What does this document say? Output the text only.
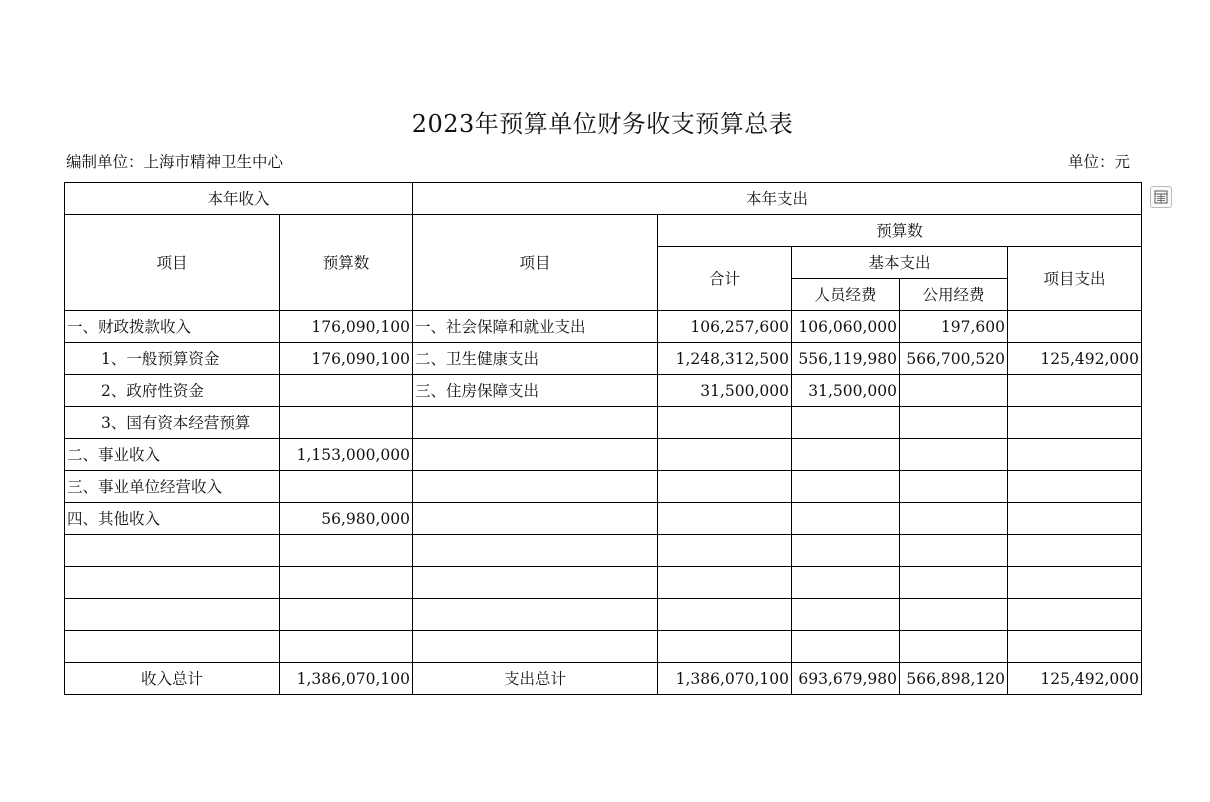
2023年预算单位财务收支预算总表
编制单位：上海市精神卫生中心	单位：元
本年收入		本年支出				
项目	预算数	项目	预算数			
			合计	基本支出		项目支出
				人员经费	公用经费	
一、财政拨款收入	176,090,100	一、社会保障和就业支出	106,257,600	106,060,000	197,600	
1、一般预算资金	176,090,100	二、卫生健康支出	1,248,312,500	556,119,980	566,700,520	125,492,000
2、政府性资金		三、住房保障支出	31,500,000	31,500,000		
3、国有资本经营预算						
二、事业收入	1,153,000,000					
三、事业单位经营收入						
四、其他收入	56,980,000					

收入总计	1,386,070,100	支出总计	1,386,070,100	693,679,980	566,898,120	125,492,000
